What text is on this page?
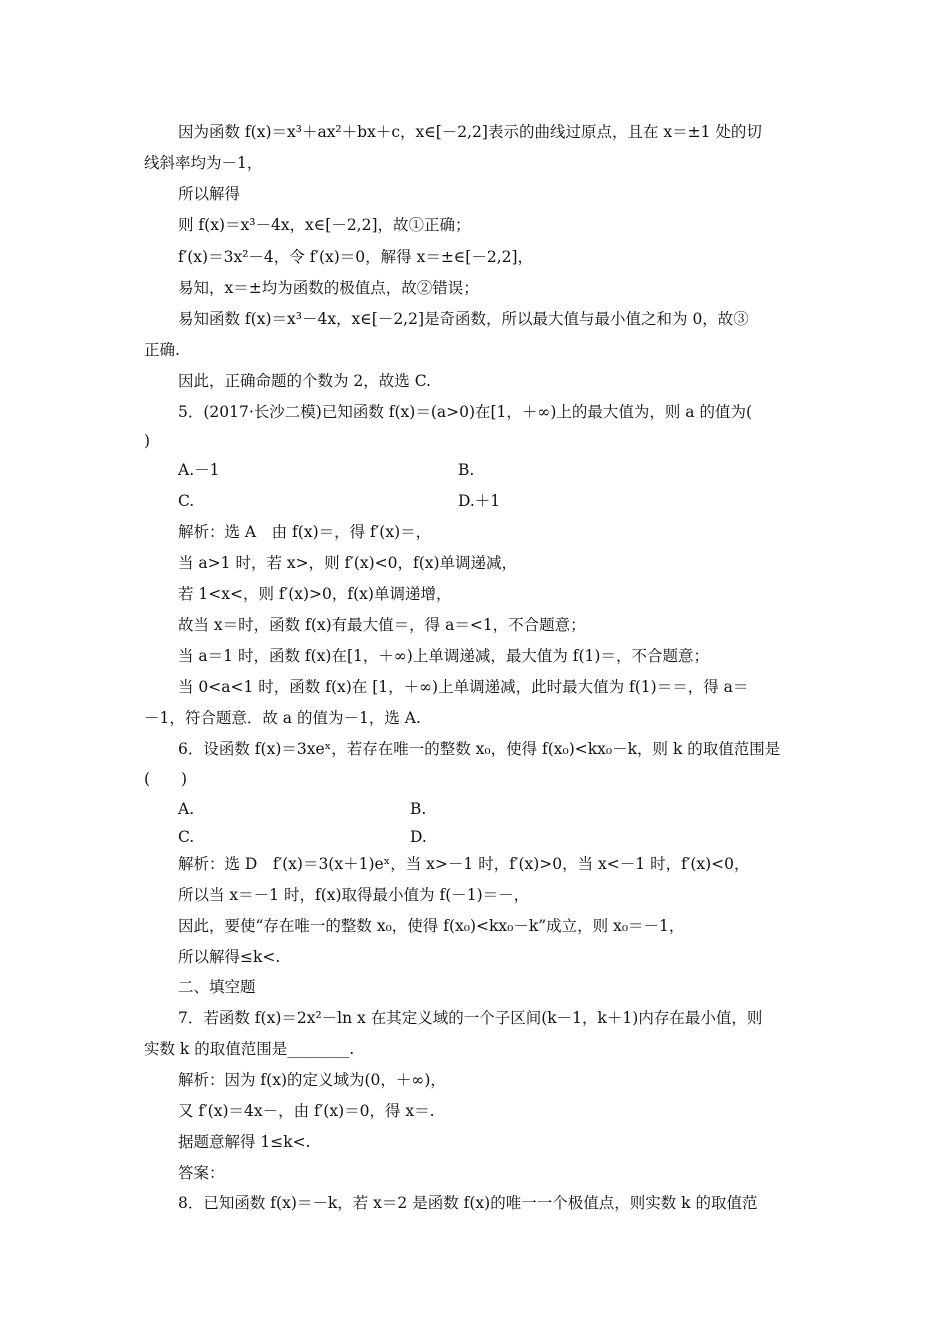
因为函数 f(x)＝x³＋ax²＋bx＋c，x∈[－2,2]表示的曲线过原点，且在 x＝±1 处的切
线斜率均为－1，
所以解得
则 f(x)＝x³－4x，x∈[－2,2]，故①正确；
f′(x)＝3x²－4，令 f′(x)＝0，解得 x＝±∈[－2,2]，
易知，x＝±均为函数的极值点，故②错误；
易知函数 f(x)＝x³－4x，x∈[－2,2]是奇函数，所以最大值与最小值之和为 0，故③
正确.
因此，正确命题的个数为 2，故选 C.
5．(2017·长沙二模)已知函数 f(x)＝(a>0)在[1，＋∞)上的最大值为，则 a 的值为(
)
A.－1	B.
C.	D.＋1
解析：选 A　由 f(x)＝，得 f′(x)＝，
当 a>1 时，若 x>，则 f′(x)<0，f(x)单调递减，
若 1<x<，则 f′(x)>0，f(x)单调递增，
故当 x＝时，函数 f(x)有最大值＝，得 a＝<1，不合题意；
当 a＝1 时，函数 f(x)在[1，＋∞)上单调递减，最大值为 f(1)＝，不合题意；
当 0<a<1 时，函数 f(x)在 [1，＋∞)上单调递减，此时最大值为 f(1)＝＝，得 a＝
－1，符合题意．故 a 的值为－1，选 A.
6．设函数 f(x)＝3xeˣ，若存在唯一的整数 x₀，使得 f(x₀)<kx₀－k，则 k 的取值范围是
(　　)
A.	B.
C.	D.
解析：选 D　f′(x)＝3(x＋1)eˣ，当 x>－1 时，f′(x)>0，当 x<－1 时，f′(x)<0，
所以当 x＝－1 时，f(x)取得最小值为 f(－1)＝－，
因此，要使“存在唯一的整数 x₀，使得 f(x₀)<kx₀－k”成立，则 x₀＝－1，
所以解得≤k<.
二、填空题
7．若函数 f(x)＝2x²－ln x 在其定义域的一个子区间(k－1，k＋1)内存在最小值，则
实数 k 的取值范围是________.
解析：因为 f(x)的定义域为(0，＋∞)，
又 f′(x)＝4x－，由 f′(x)＝0，得 x＝.
据题意解得 1≤k<.
答案：
8．已知函数 f(x)＝－k，若 x＝2 是函数 f(x)的唯一一个极值点，则实数 k 的取值范
